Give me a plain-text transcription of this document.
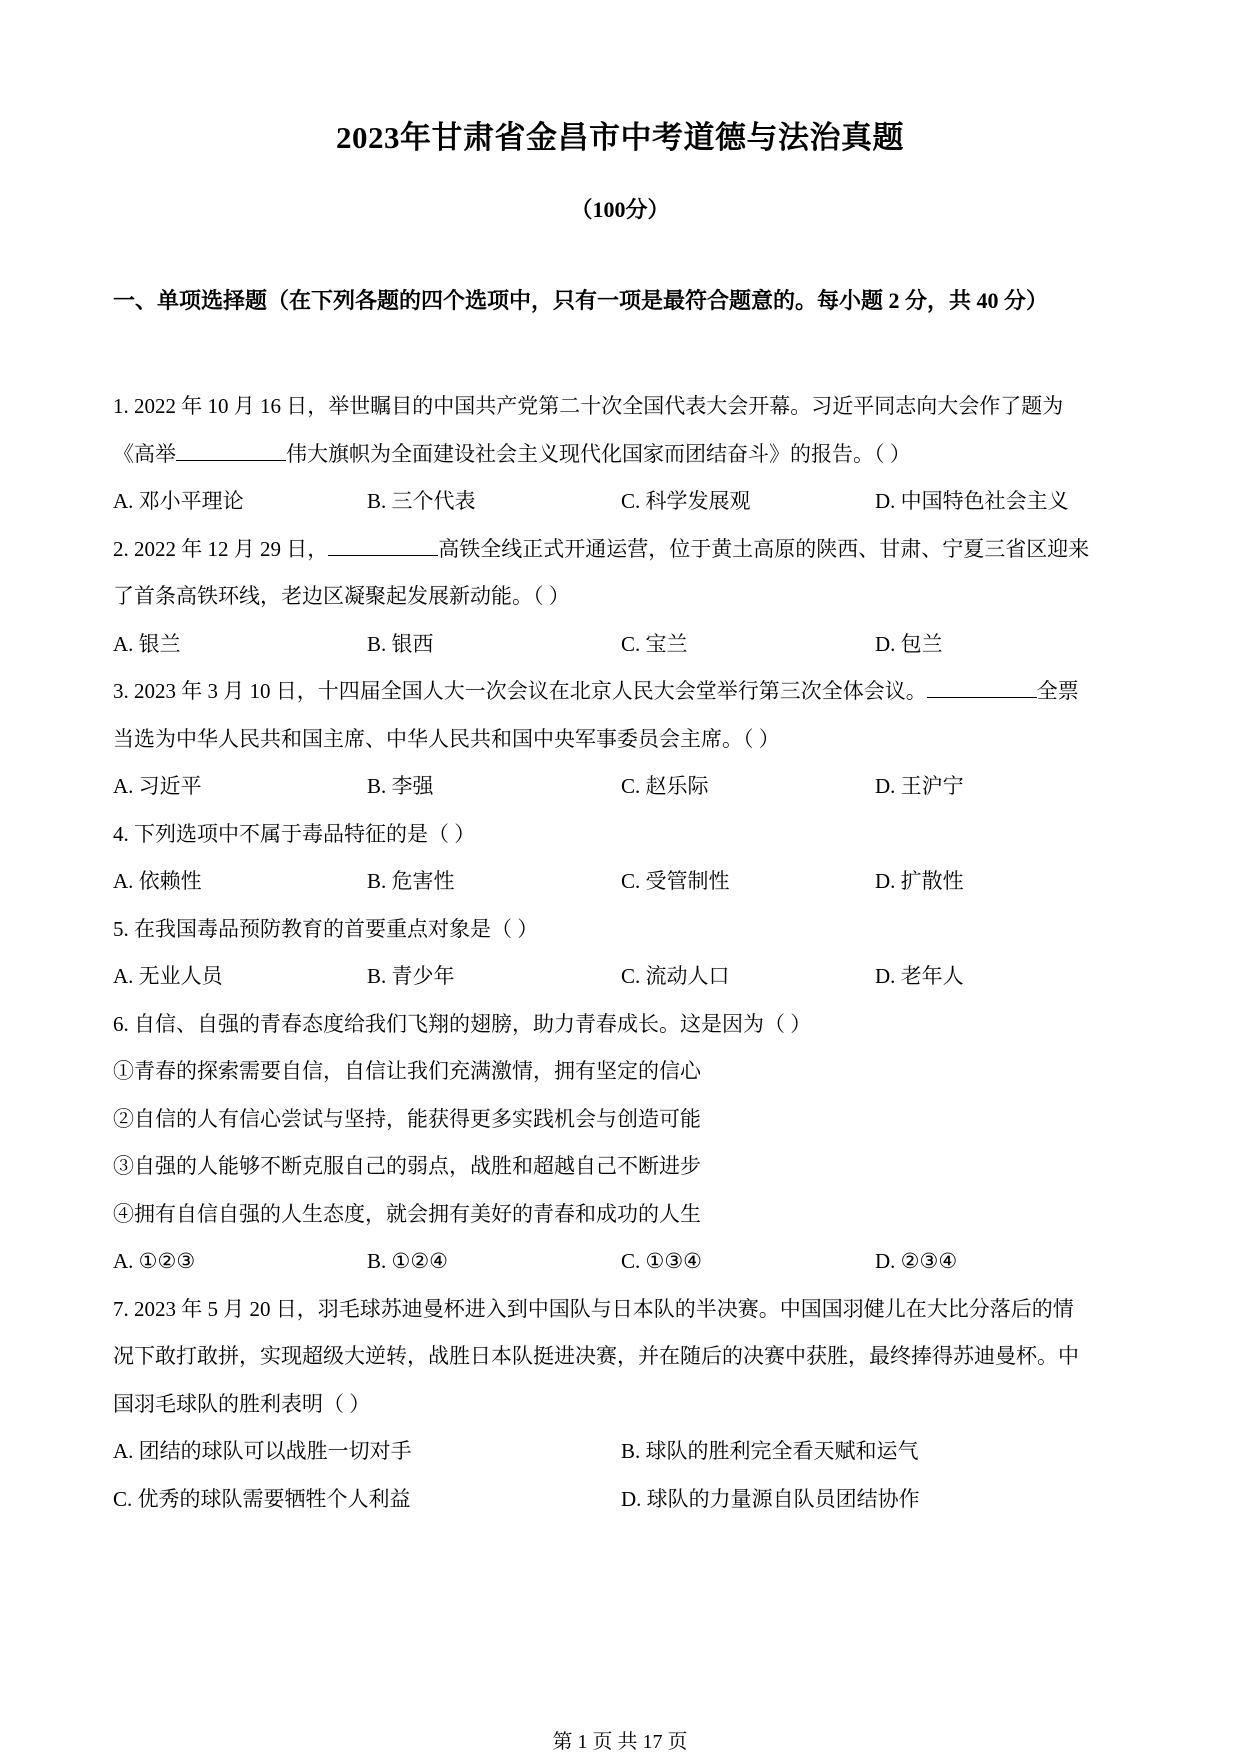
2023年甘肃省金昌市中考道德与法治真题
（100分）
一、单项选择题（在下列各题的四个选项中，只有一项是最符合题意的。每小题 2 分，共 40 分）
1. 2022 年 10 月 16 日，举世瞩目的中国共产党第二十次全国代表大会开幕。习近平同志向大会作了题为
《高举	伟大旗帜为全面建设社会主义现代化国家而团结奋斗》的报告。（ ）
A. 邓小平理论	B. 三个代表	C. 科学发展观	D. 中国特色社会主义
2. 2022 年 12 月 29 日，	高铁全线正式开通运营，位于黄土高原的陕西、甘肃、宁夏三省区迎来
了首条高铁环线，老边区凝聚起发展新动能。（ ）
A. 银兰	B. 银西	C. 宝兰	D. 包兰
3. 2023 年 3 月 10 日，十四届全国人大一次会议在北京人民大会堂举行第三次全体会议。	全票
当选为中华人民共和国主席、中华人民共和国中央军事委员会主席。（ ）
A. 习近平	B. 李强	C. 赵乐际	D. 王沪宁
4. 下列选项中不属于毒品特征的是（ ）
A. 依赖性	B. 危害性	C. 受管制性	D. 扩散性
5. 在我国毒品预防教育的首要重点对象是（ ）
A. 无业人员	B. 青少年	C. 流动人口	D. 老年人
6. 自信、自强的青春态度给我们飞翔的翅膀，助力青春成长。这是因为（ ）
①青春的探索需要自信，自信让我们充满激情，拥有坚定的信心
②自信的人有信心尝试与坚持，能获得更多实践机会与创造可能
③自强的人能够不断克服自己的弱点，战胜和超越自己不断进步
④拥有自信自强的人生态度，就会拥有美好的青春和成功的人生
A. ①②③	B. ①②④	C. ①③④	D. ②③④
7. 2023 年 5 月 20 日，羽毛球苏迪曼杯进入到中国队与日本队的半决赛。中国国羽健儿在大比分落后的情
况下敢打敢拼，实现超级大逆转，战胜日本队挺进决赛，并在随后的决赛中获胜，最终捧得苏迪曼杯。中
国羽毛球队的胜利表明（ ）
A. 团结的球队可以战胜一切对手	B. 球队的胜利完全看天赋和运气
C. 优秀的球队需要牺牲个人利益	D. 球队的力量源自队员团结协作
第 1 页 共 17 页
